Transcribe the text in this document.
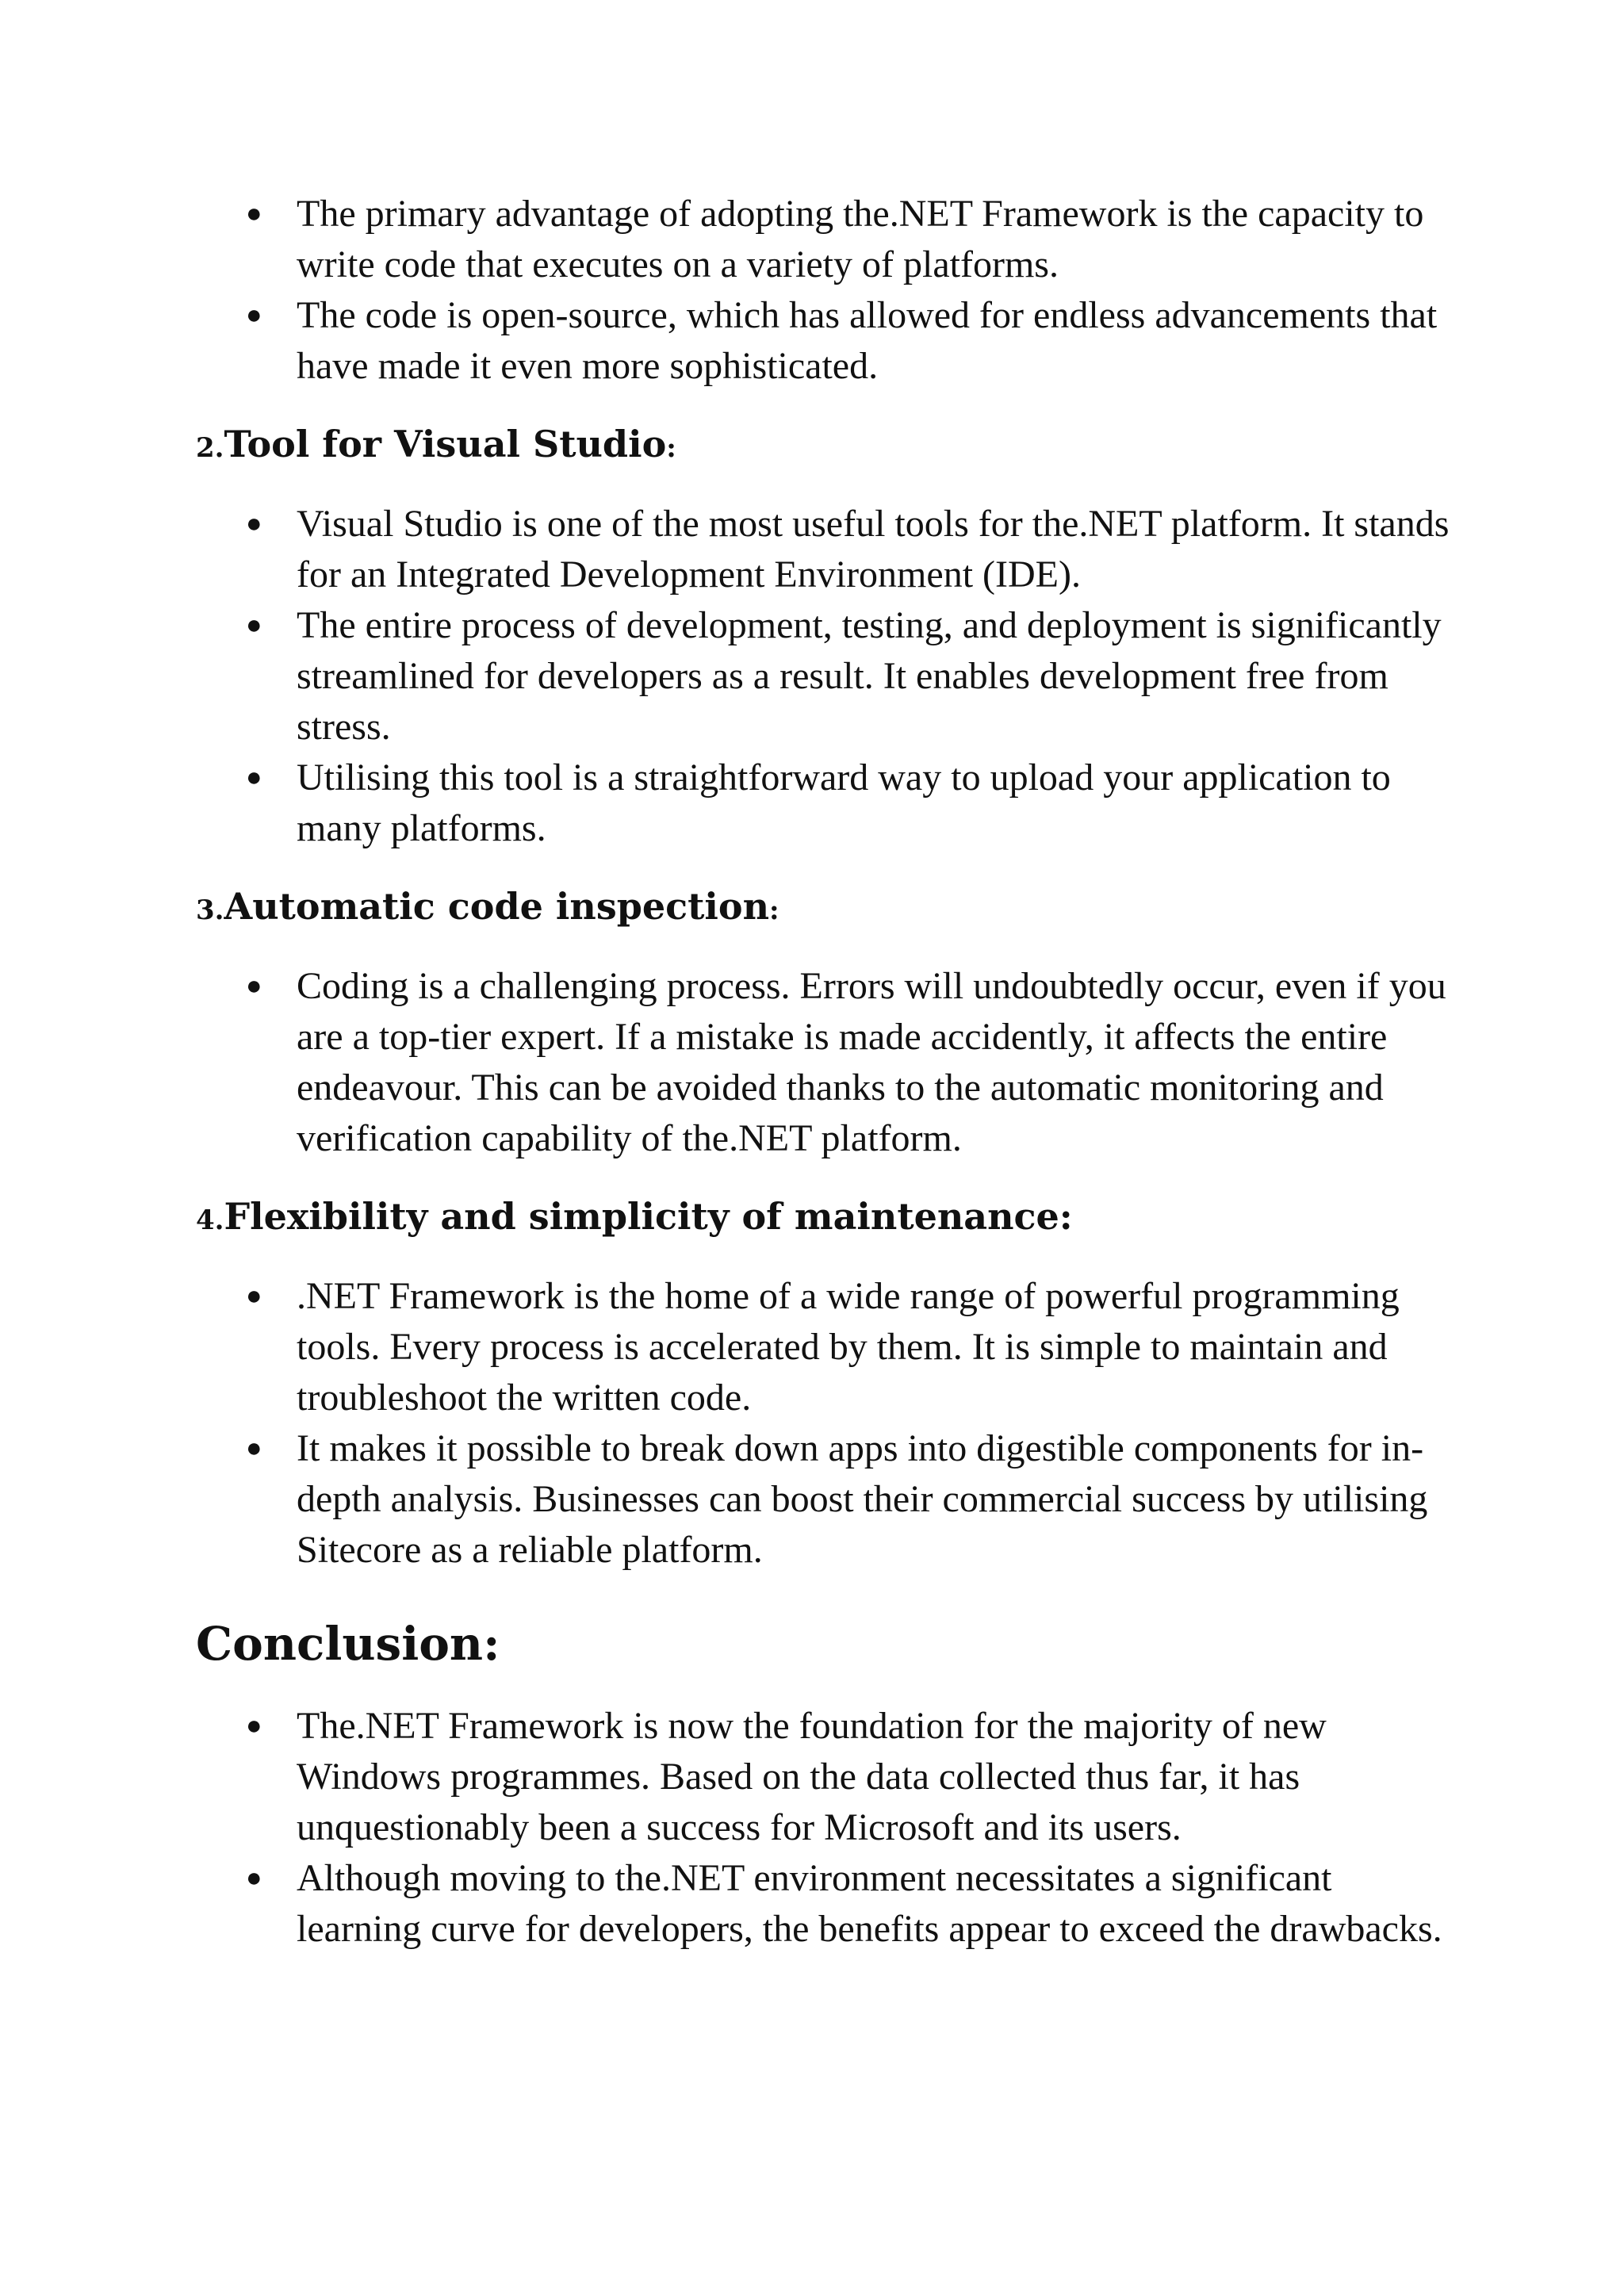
● The primary advantage of adopting the.NET Framework is the capacity to write code that executes on a variety of platforms.
● The code is open-source, which has allowed for endless advancements that have made it even more sophisticated.
2.Tool for Visual Studio:
● Visual Studio is one of the most useful tools for the.NET platform. It stands for an Integrated Development Environment (IDE).
● The entire process of development, testing, and deployment is significantly streamlined for developers as a result. It enables development free from stress.
● Utilising this tool is a straightforward way to upload your application to many platforms.
3.Automatic code inspection:
● Coding is a challenging process. Errors will undoubtedly occur, even if you are a top-tier expert. If a mistake is made accidently, it affects the entire endeavour. This can be avoided thanks to the automatic monitoring and verification capability of the.NET platform.
4.Flexibility and simplicity of maintenance:
● .NET Framework is the home of a wide range of powerful programming tools. Every process is accelerated by them. It is simple to maintain and troubleshoot the written code.
● It makes it possible to break down apps into digestible components for in-depth analysis. Businesses can boost their commercial success by utilising Sitecore as a reliable platform.
Conclusion:
● The.NET Framework is now the foundation for the majority of new Windows programmes. Based on the data collected thus far, it has unquestionably been a success for Microsoft and its users.
● Although moving to the.NET environment necessitates a significant learning curve for developers, the benefits appear to exceed the drawbacks.
